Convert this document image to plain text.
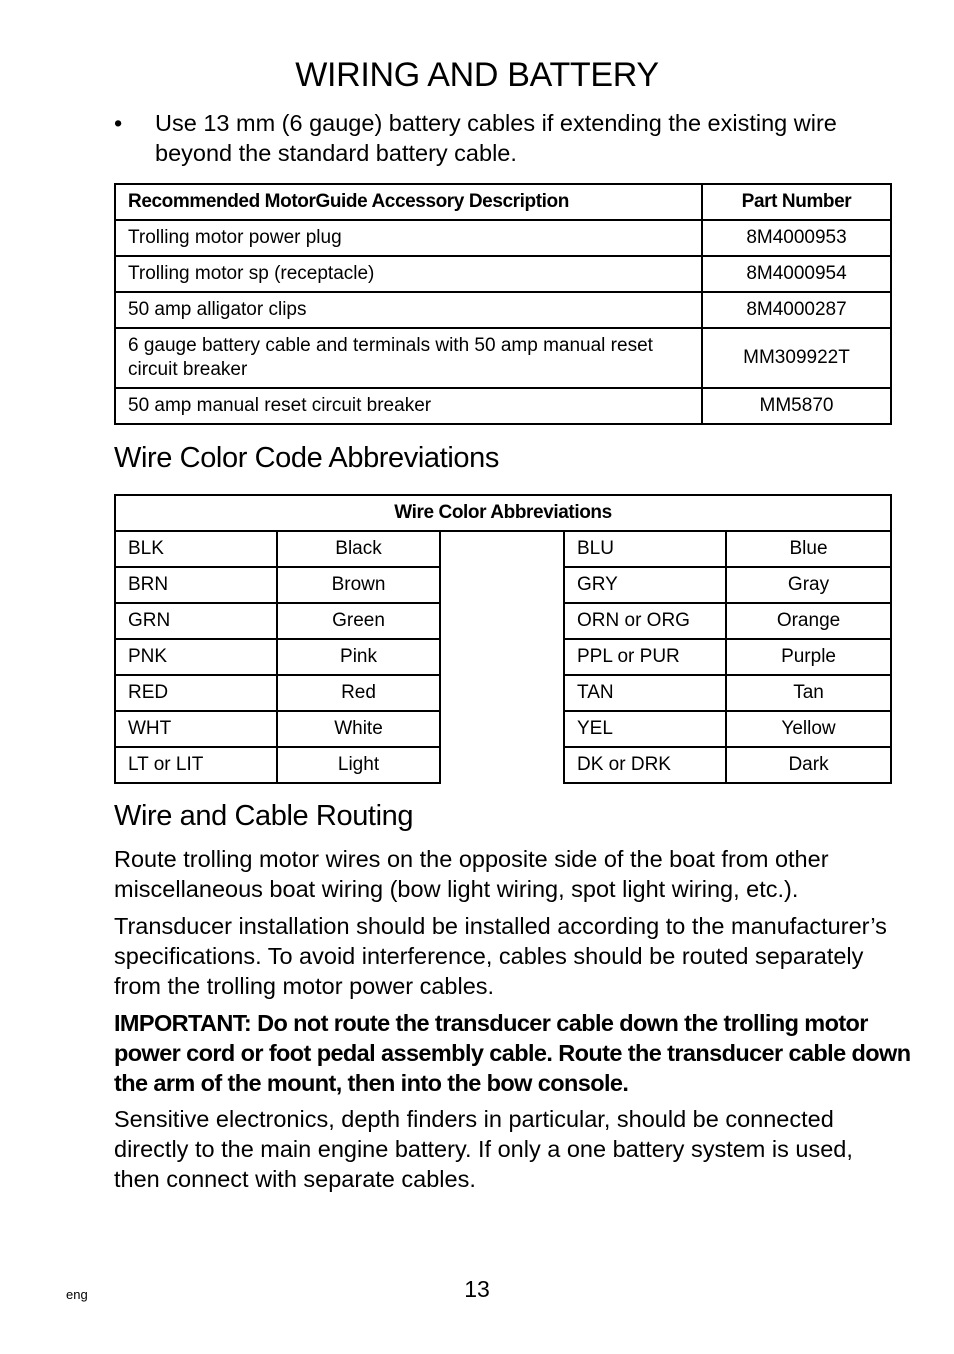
WIRING AND BATTERY
• Use 13 mm (6 gauge) battery cables if extending the existing wire beyond the standard battery cable.
Recommended MotorGuide Accessory Description	Part Number
Trolling motor power plug	8M4000953
Trolling motor sp (receptacle)	8M4000954
50 amp alligator clips	8M4000287
6 gauge battery cable and terminals with 50 amp manual reset circuit breaker	MM309922T
50 amp manual reset circuit breaker	MM5870
Wire Color Code Abbreviations
Wire Color Abbreviations				
BLK	Black		BLU	Blue
BRN	Brown		GRY	Gray
GRN	Green		ORN or ORG	Orange
PNK	Pink		PPL or PUR	Purple
RED	Red		TAN	Tan
WHT	White		YEL	Yellow
LT or LIT	Light		DK or DRK	Dark
Wire and Cable Routing

Route trolling motor wires on the opposite side of the boat from other miscellaneous boat wiring (bow light wiring, spot light wiring, etc.).

Transducer installation should be installed according to the manufacturer’s specifications. To avoid interference, cables should be routed separately from the trolling motor power cables.

IMPORTANT: Do not route the transducer cable down the trolling motor power cord or foot pedal assembly cable. Route the transducer cable down the arm of the mount, then into the bow console.

Sensitive electronics, depth finders in particular, should be connected directly to the main engine battery. If only a one battery system is used, then connect with separate cables.

eng	13
